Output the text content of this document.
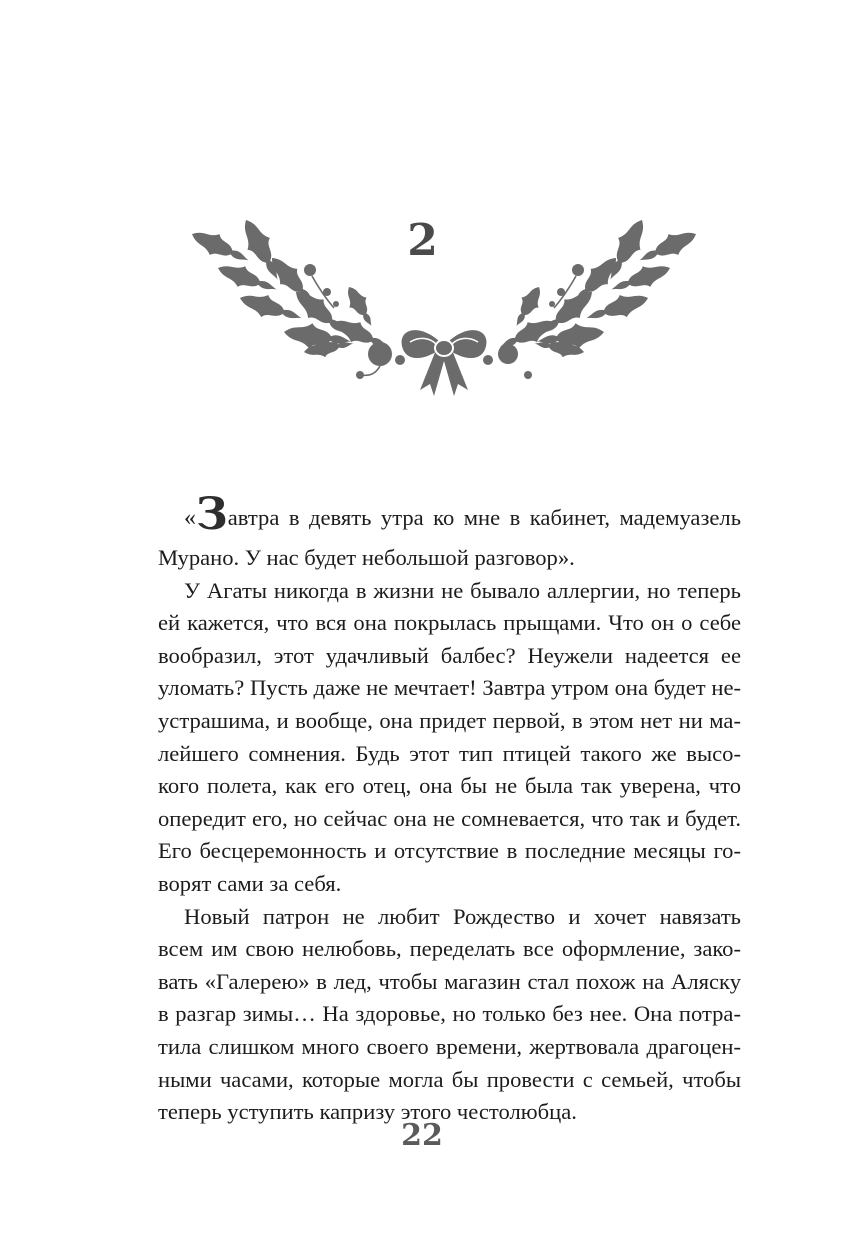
2
«Завтра в девять утра ко мне в кабинет, мадемуазель
Мурано. У нас будет небольшой разговор».
У Агаты никогда в жизни не бывало аллергии, но теперь
ей кажется, что вся она покрылась прыщами. Что он о себе
вообразил, этот удачливый балбес? Неужели надеется ее
уломать? Пусть даже не мечтает! Завтра утром она будет не-
устрашима, и вообще, она придет первой, в этом нет ни ма-
лейшего сомнения. Будь этот тип птицей такого же высо-
кого полета, как его отец, она бы не была так уверена, что
опередит его, но сейчас она не сомневается, что так и будет.
Его бесцеремонность и отсутствие в последние месяцы го-
ворят сами за себя.
Новый патрон не любит Рождество и хочет навязать
всем им свою нелюбовь, переделать все оформление, зако-
вать «Галерею» в лед, чтобы магазин стал похож на Аляску
в разгар зимы… На здоровье, но только без нее. Она потра-
тила слишком много своего времени, жертвовала драгоцен-
ными часами, которые могла бы провести с семьей, чтобы
теперь уступить капризу этого честолюбца.
22
